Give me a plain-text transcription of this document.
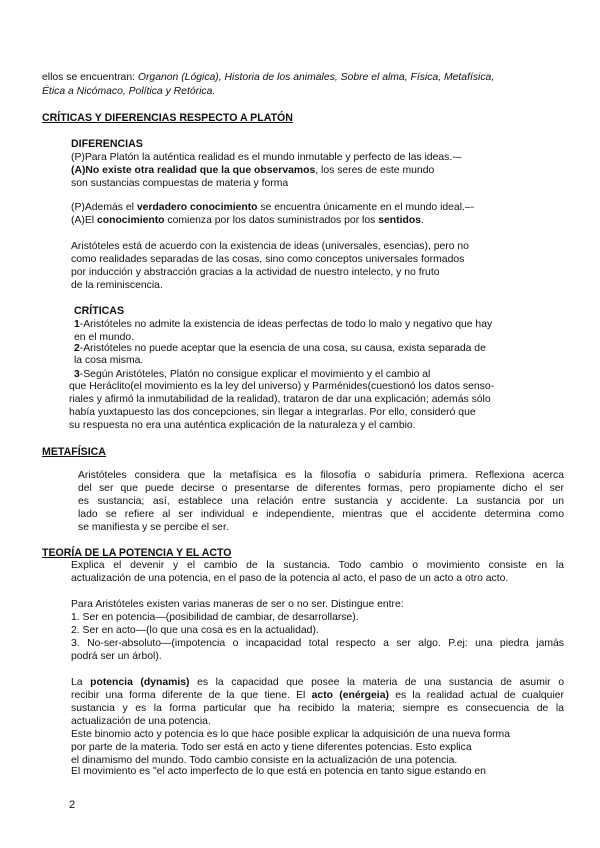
ellos se encuentran: Organon (Lógica), Historia de los animales, Sobre el alma, Física, Metafísica,
Ética a Nicómaco, Política y Retórica.
CRÍTICAS Y DIFERENCIAS RESPECTO A PLATÓN
DIFERENCIAS
(P)Para Platón la auténtica realidad es el mundo inmutable y perfecto de las ideas.-–
(A)No existe otra realidad que la que observamos, los seres de este mundo
son sustancias compuestas de materia y forma
(P)Además el verdadero conocimiento se encuentra únicamente en el mundo ideal.–-
(A)El conocimiento comienza por los datos suministrados por los sentidos.
Aristóteles está de acuerdo con la existencia de ideas (universales, esencias), pero no
como realidades separadas de las cosas, sino como conceptos universales formados
por inducción y abstracción gracias a la actividad de nuestro intelecto, y no fruto
de la reminiscencia.
CRÍTICAS
1-Aristóteles no admite la existencia de ideas perfectas de todo lo malo y negativo que hay
en el mundo.
2-Aristóteles no puede aceptar que la esencia de una cosa, su causa, exista separada de
la cosa misma.
3-Según Aristóteles, Platón no consigue explicar el movimiento y el cambio al
que Heráclito(el movimiento es la ley del universo) y Parménides(cuestionó los datos senso-
riales y afirmó la inmutabilidad de la realidad), trataron de dar una explicación; además sólo
había yuxtapuesto las dos concepciones, sin llegar a integrarlas. Por ello, consideró que
su respuesta no era una auténtica explicación de la naturaleza y el cambio.
METAFÍSICA
Aristóteles considera que la metafísica es la filosofía o sabiduría primera. Reflexiona acerca
del ser que puede decirse o presentarse de diferentes formas, pero propiamente dicho el ser
es sustancia; así, establece una relación entre sustancia y accidente. La sustancia por un
lado se refiere al ser individual e independiente, mientras que el accidente determina como
se manifiesta y se percibe el ser.
TEORÍA DE LA POTENCIA Y EL ACTO
Explica el devenir y el cambio de la sustancia. Todo cambio o movimiento consiste en la
actualización de una potencia, en el paso de la potencia al acto, el paso de un acto a otro acto.
Para Aristóteles existen varias maneras de ser o no ser. Distingue entre:
1. Ser en potencia—(posibilidad de cambiar, de desarrollarse).
2. Ser en acto—(lo que una cosa es en la actualidad).
3. No-ser-absoluto—(impotencia o incapacidad total respecto a ser algo. P.ej: una piedra jamás
podrá ser un árbol).
La potencia (dynamis) es la capacidad que posee la materia de una sustancia de asumir o
recibir una forma diferente de la que tiene. El acto (enérgeia) es la realidad actual de cualquier
sustancia y es la forma particular que ha recibido la materia; siempre es consecuencia de la
actualización de una potencia.
Este binomio acto y potencia es lo que hace posible explicar la adquisición de una nueva forma
por parte de la materia. Todo ser está en acto y tiene diferentes potencias. Esto explica
el dinamismo del mundo. Todo cambio consiste en la actualización de una potencia.
El movimiento es "el acto imperfecto de lo que está en potencia en tanto sigue estando en
2
